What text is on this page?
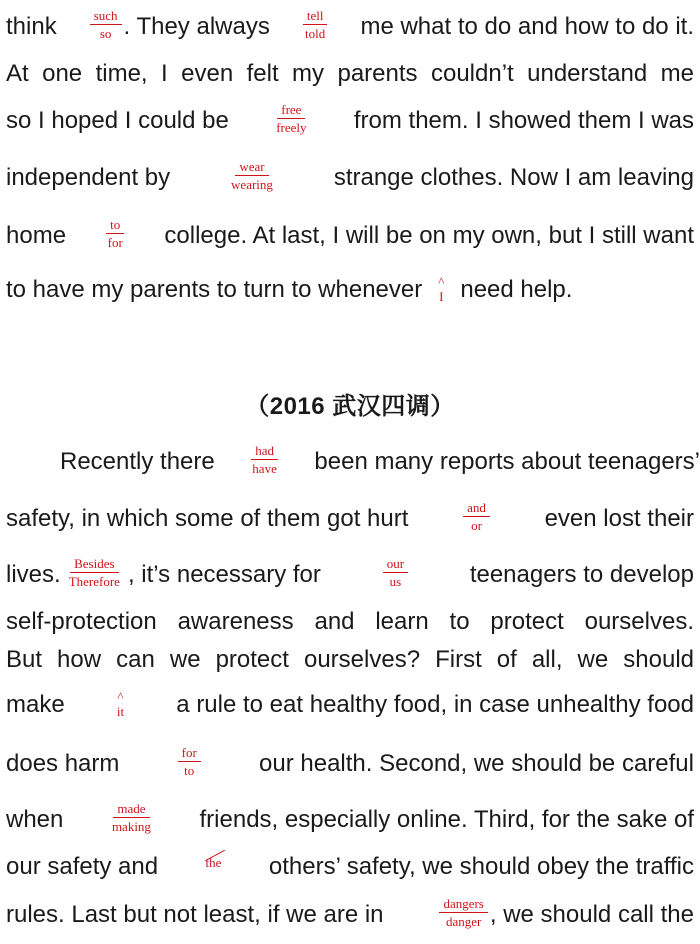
think	such
so . They always	tell
told me what to do and how to do it.
At one time, I even felt my parents couldn’t understand me
so I hoped I could be	free
freely from them. I showed them I was
independent by	wear
wearing	strange clothes. Now I am leaving
home	to
for college. At last, I will be on my own, but I still want
to have my parents to turn to whenever	^
I need help.
（2016 武汉四调）
Recently there	had
have been many reports about teenagers’
safety, in which some of them got hurt	and
or	even lost their
lives.	Besides
Therefore , it’s necessary for	our
us	teenagers to develop
self-protection awareness and learn to protect ourselves.
But how can we protect ourselves? First of all, we should
make	^
it a rule to eat healthy food, in case unhealthy food
does harm	for
to	our health. Second, we should be careful
when	made
making friends, especially online. Third, for the sake of
our safety and	the others’ safety, we should obey the traffic
rules. Last but not least, if we are in	dangers
danger , we should call the
